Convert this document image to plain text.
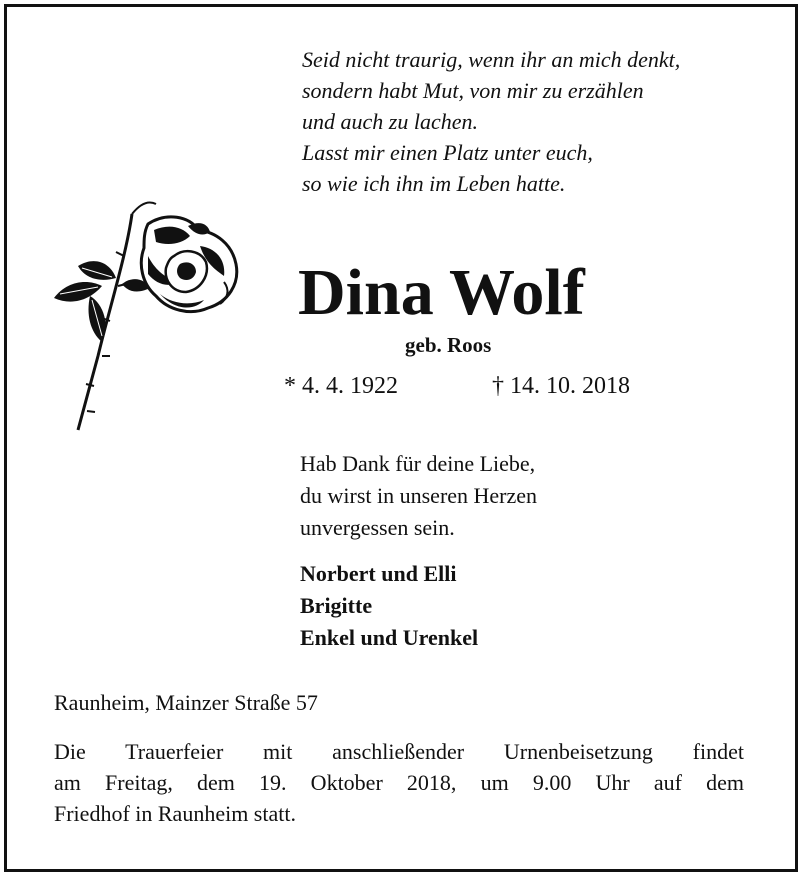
Seid nicht traurig, wenn ihr an mich denkt,
sondern habt Mut, von mir zu erzählen
und auch zu lachen.
Lasst mir einen Platz unter euch,
so wie ich ihn im Leben hatte.
Dina Wolf
geb. Roos
* 4. 4. 1922	† 14. 10. 2018
Hab Dank für deine Liebe,
du wirst in unseren Herzen
unvergessen sein.
Norbert und Elli
Brigitte
Enkel und Urenkel
Raunheim, Mainzer Straße 57
Die Trauerfeier mit anschließender Urnenbeisetzung findet
am Freitag, dem 19. Oktober 2018, um 9.00 Uhr auf dem
Friedhof in Raunheim statt.
